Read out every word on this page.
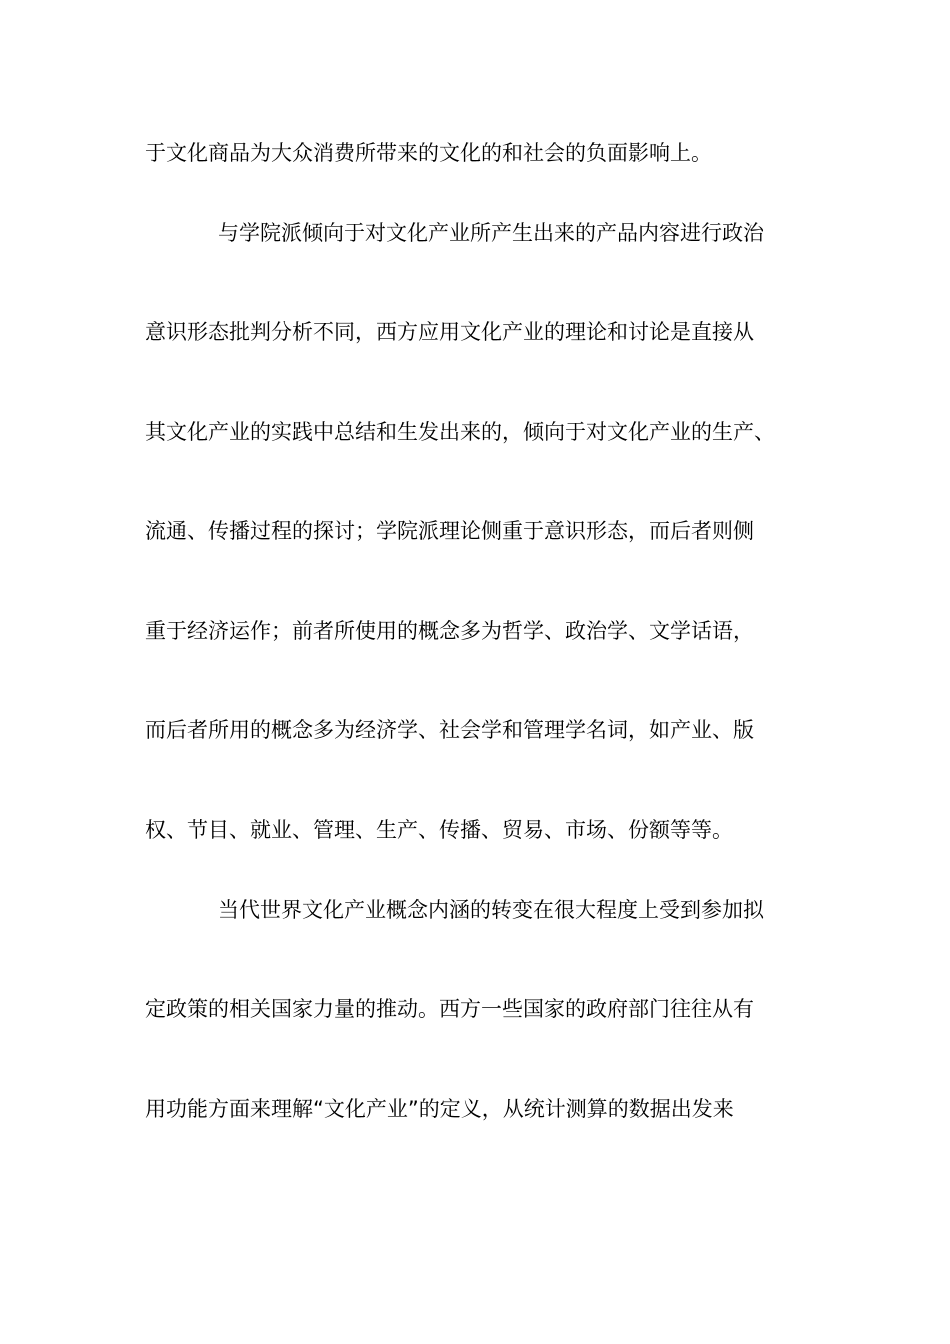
于文化商品为大众消费所带来的文化的和社会的负面影响上。
与学院派倾向于对文化产业所产生出来的产品内容进行政治
意识形态批判分析不同，西方应用文化产业的理论和讨论是直接从
其文化产业的实践中总结和生发出来的，倾向于对文化产业的生产、
流通、传播过程的探讨；学院派理论侧重于意识形态，而后者则侧
重于经济运作；前者所使用的概念多为哲学、政治学、文学话语，
而后者所用的概念多为经济学、社会学和管理学名词，如产业、版
权、节目、就业、管理、生产、传播、贸易、市场、份额等等。
当代世界文化产业概念内涵的转变在很大程度上受到参加拟
定政策的相关国家力量的推动。西方一些国家的政府部门往往从有
用功能方面来理解“文化产业”的定义，从统计测算的数据出发来
